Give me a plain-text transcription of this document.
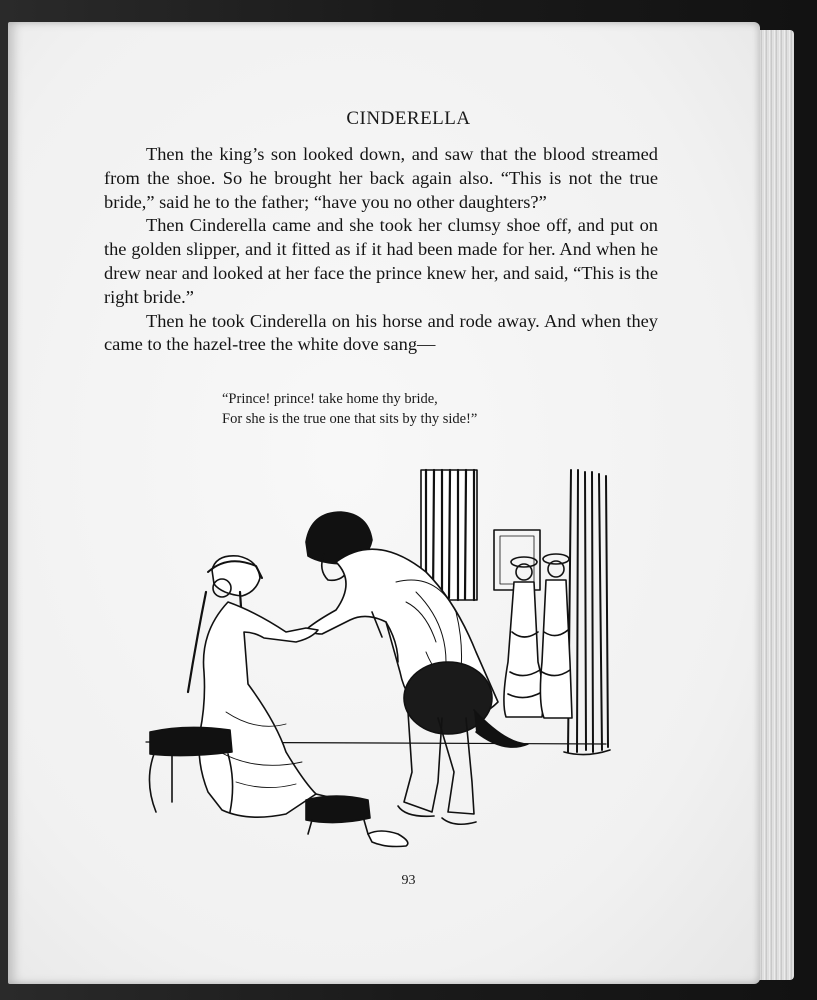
CINDERELLA

Then the king’s son looked down, and saw that the blood streamed from the shoe. So he brought her back again also. “This is not the true bride,” said he to the father; “have you no other daughters?”

Then Cinderella came and she took her clumsy shoe off, and put on the golden slipper, and it fitted as if it had been made for her. And when he drew near and looked at her face the prince knew her, and said, “This is the right bride.”

Then he took Cinderella on his horse and rode away. And when they came to the hazel-tree the white dove sang—

“Prince! prince! take home thy bride,
For she is the true one that sits by thy side!”
93
